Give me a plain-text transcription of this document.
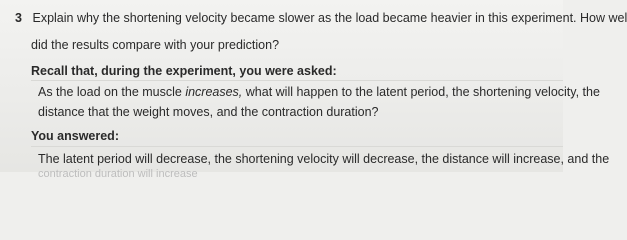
3 Explain why the shortening velocity became slower as the load became heavier in this experiment. How wel
did the results compare with your prediction?
Recall that, during the experiment, you were asked:
As the load on the muscle increases, what will happen to the latent period, the shortening velocity, the
distance that the weight moves, and the contraction duration?
You answered:
The latent period will decrease, the shortening velocity will decrease, the distance will increase, and the
contraction duration will increase
